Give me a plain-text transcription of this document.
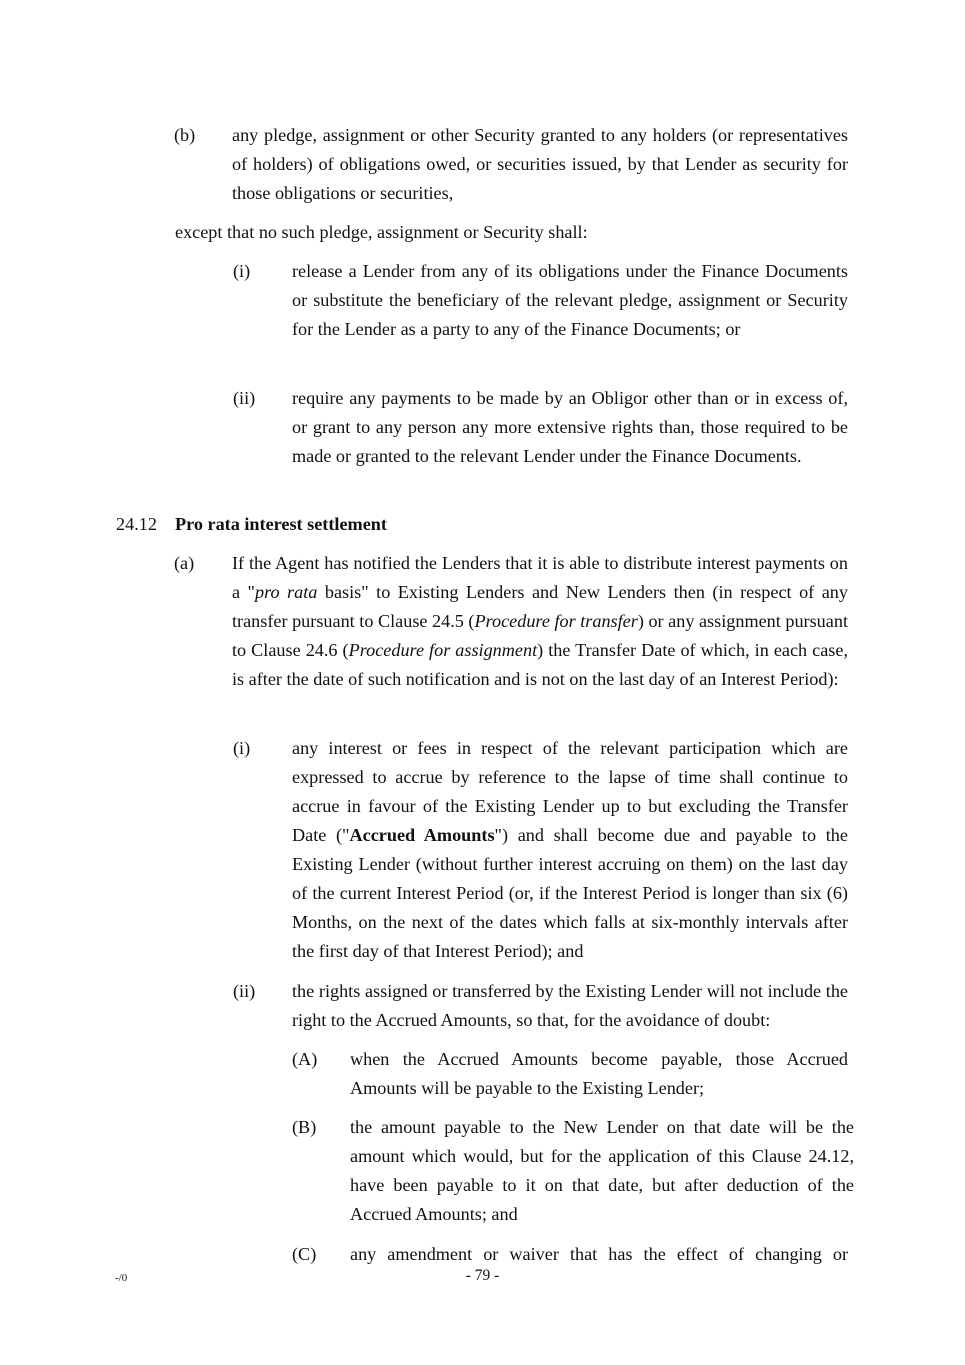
(b) any pledge, assignment or other Security granted to any holders (or representatives of holders) of obligations owed, or securities issued, by that Lender as security for those obligations or securities,

except that no such pledge, assignment or Security shall:

(i) release a Lender from any of its obligations under the Finance Documents or substitute the beneficiary of the relevant pledge, assignment or Security for the Lender as a party to any of the Finance Documents; or

(ii) require any payments to be made by an Obligor other than or in excess of, or grant to any person any more extensive rights than, those required to be made or granted to the relevant Lender under the Finance Documents.

24.12 Pro rata interest settlement
(a) If the Agent has notified the Lenders that it is able to distribute interest payments on a "pro rata basis" to Existing Lenders and New Lenders then (in respect of any transfer pursuant to Clause 24.5 (Procedure for transfer) or any assignment pursuant to Clause 24.6 (Procedure for assignment) the Transfer Date of which, in each case, is after the date of such notification and is not on the last day of an Interest Period):

(i) any interest or fees in respect of the relevant participation which are expressed to accrue by reference to the lapse of time shall continue to accrue in favour of the Existing Lender up to but excluding the Transfer Date ("Accrued Amounts") and shall become due and payable to the Existing Lender (without further interest accruing on them) on the last day of the current Interest Period (or, if the Interest Period is longer than six (6) Months, on the next of the dates which falls at six-monthly intervals after the first day of that Interest Period); and

(ii) the rights assigned or transferred by the Existing Lender will not include the right to the Accrued Amounts, so that, for the avoidance of doubt:

(A) when the Accrued Amounts become payable, those Accrued Amounts will be payable to the Existing Lender;

(B) the amount payable to the New Lender on that date will be the amount which would, but for the application of this Clause 24.12, have been payable to it on that date, but after deduction of the Accrued Amounts; and

(C) any amendment or waiver that has the effect of changing or

-/0	- 79 -
